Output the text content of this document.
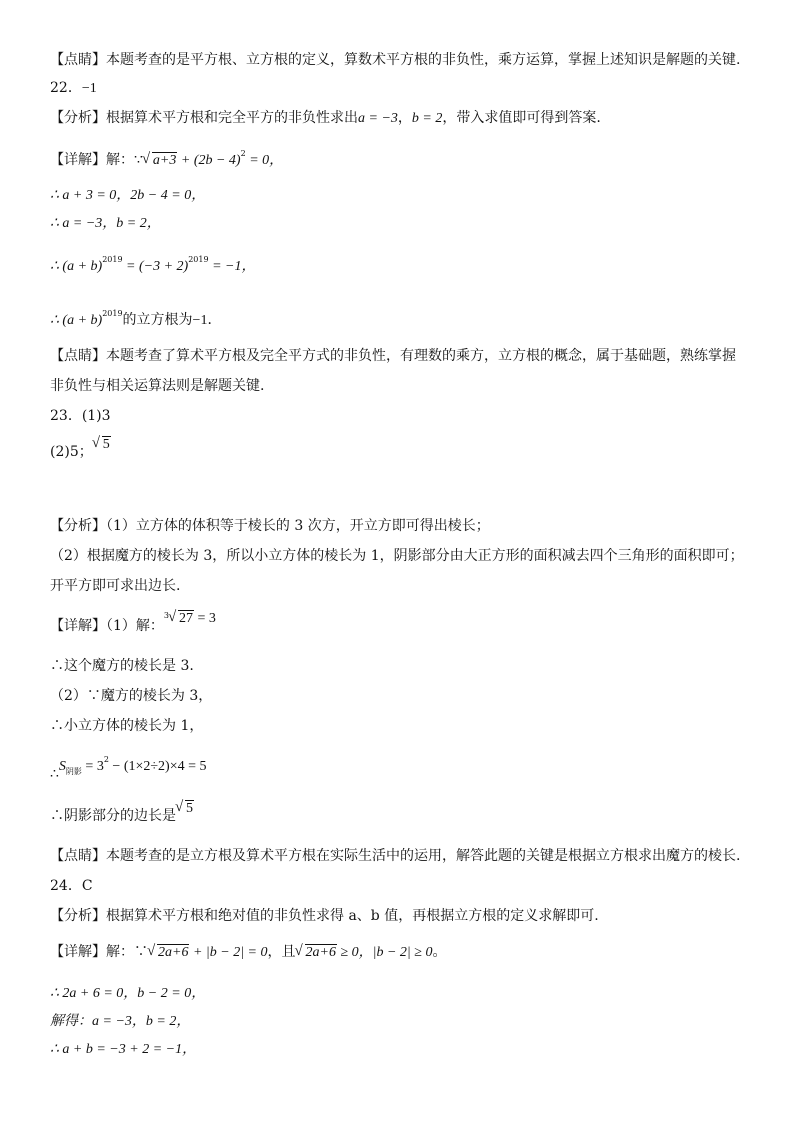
【点睛】本题考查的是平方根、立方根的定义，算数术平方根的非负性，乘方运算，掌握上述知识是解题的关键.
22．−1
【分析】根据算术平方根和完全平方的非负性求出a = −3，b = 2，带入求值即可得到答案.
【详解】解：∵ √ $a+3 + (2b - 4)^2 = 0$，
∴ a + 3 = 0，2b − 4 = 0，
∴ a = −3，b = 2，
∴ $(a + b)^{2019} = (-3 + 2)^{2019} = -1$，
∴ $(a + b)^{2019}$的立方根为−1．
【点睛】本题考查了算术平方根及完全平方式的非负性，有理数的乘方，立方根的概念，属于基础题，熟练掌握
非负性与相关运算法则是解题关键.
23．(1)3
(2)5； √ 5
【分析】（1）立方体的体积等于棱长的 3 次方，开立方即可得出棱长；
（2）根据魔方的棱长为 3，所以小立方体的棱长为 1，阴影部分由大正方形的面积减去四个三角形的面积即可；
开平方即可求出边长.
【详解】（1）解：$^3$ √ 27 = 3
∴这个魔方的棱长是 3.
（2）∵魔方的棱长为 3，
∴小立方体的棱长为 1，
$\therefore S_{阴影} = 3^2 - (1\times 2\div 2)\times 4 = 5$
∴阴影部分的边长是 √ 5
【点睛】本题考查的是立方根及算术平方根在实际生活中的运用，解答此题的关键是根据立方根求出魔方的棱长.
24．C
【分析】根据算术平方根和绝对值的非负性求得 a、b 值，再根据立方根的定义求解即可.
【详解】解：∵ √ 2a+6 + |b − 2| = 0，且 √ 2a+6 ≥ 0，|b − 2| ≥ 0。
∴ 2a + 6 = 0，b − 2 = 0，
解得：a = −3，b = 2，
∴ a + b = −3 + 2 = −1，
